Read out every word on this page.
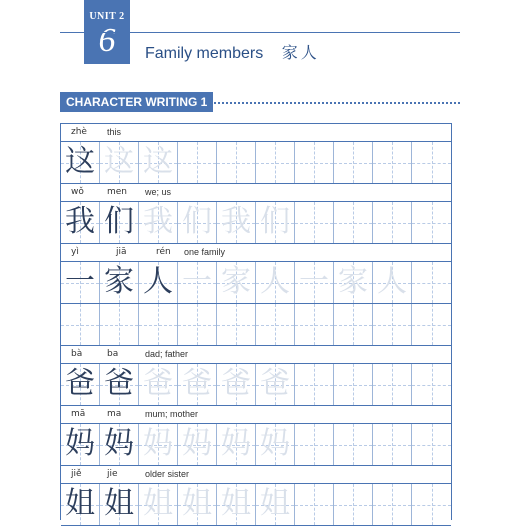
UNIT 2
6	Family members 家人
CHARACTER WRITING 1
zhè this
这 这 这
wǒ	men we; us
我 们 我 们 我 们
yì	jiā	rén one family
一 家 人 一 家 人 一 家 人
bà	ba	dad; father
爸 爸 爸 爸 爸 爸
mā ma	mum; mother
妈 妈 妈 妈 妈 妈
jiě	jie	older sister
姐 姐 姐 姐 姐 姐
